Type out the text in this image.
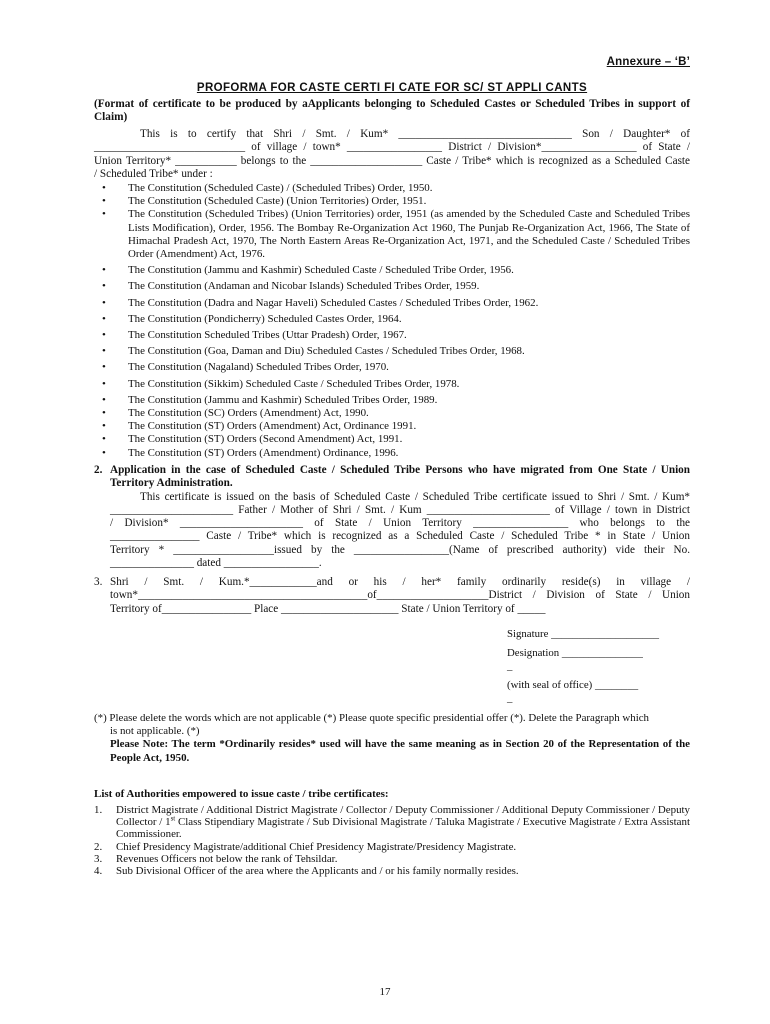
Annexure – ‘B’
PROFORMA FOR CASTE CERTI FI CATE FOR SC/ ST APPLI CANTS
(Format of certificate to be produced by aApplicants belonging to Scheduled Castes or Scheduled Tribes in support of Claim)
This is to certify that Shri / Smt. / Kum* _______________________________ Son / Daughter* of
___________________________ of village / town* _________________ District / Division*_________________ of State /
Union Territory* ___________ belongs to the ____________________ Caste / Tribe* which is recognized as a Scheduled Caste
/ Scheduled Tribe* under :
• The Constitution (Scheduled Caste) / (Scheduled Tribes) Order, 1950.
• The Constitution (Scheduled Caste) (Union Territories) Order, 1951.
• The Constitution (Scheduled Tribes) (Union Territories) order, 1951 (as amended by the Scheduled Caste and Scheduled Tribes Lists Modification), Order, 1956. The Bombay Re-Organization Act 1960, The Punjab Re-Organization Act, 1966, The State of Himachal Pradesh Act, 1970, The North Eastern Areas Re-Organization Act, 1971, and the Scheduled Caste / Scheduled Tribes Order (Amendment) Act, 1976.
• The Constitution (Jammu and Kashmir) Scheduled Caste / Scheduled Tribe Order, 1956.
• The Constitution (Andaman and Nicobar Islands) Scheduled Tribes Order, 1959.
• The Constitution (Dadra and Nagar Haveli) Scheduled Castes / Scheduled Tribes Order, 1962.
• The Constitution (Pondicherry) Scheduled Castes Order, 1964.
• The Constitution Scheduled Tribes (Uttar Pradesh) Order, 1967.
• The Constitution (Goa, Daman and Diu) Scheduled Castes / Scheduled Tribes Order, 1968.
• The Constitution (Nagaland) Scheduled Tribes Order, 1970.
• The Constitution (Sikkim) Scheduled Caste / Scheduled Tribes Order, 1978.
• The Constitution (Jammu and Kashmir) Scheduled Tribes Order, 1989.
• The Constitution (SC) Orders (Amendment) Act, 1990.
• The Constitution (ST) Orders (Amendment) Act, Ordinance 1991.
• The Constitution (ST) Orders (Second Amendment) Act, 1991.
• The Constitution (ST) Orders (Amendment) Ordinance, 1996.
2. Application in the case of Scheduled Caste / Scheduled Tribe Persons who have migrated from One State / Union Territory Administration.
This certificate is issued on the basis of Scheduled Caste / Scheduled Tribe certificate issued to Shri / Smt. / Kum*
______________________ Father / Mother of Shri / Smt. / Kum ______________________ of Village / town in District
/ Division* ______________________ of State / Union Territory _________________ who belongs to the
________________ Caste / Tribe* which is recognized as a Scheduled Caste / Scheduled Tribe * in State / Union
Territory * __________________issued by the _________________(Name of prescribed authority) vide their No.
_______________ dated _________________.
3. Shri / Smt. / Kum.*____________and or his / her* family ordinarily reside(s) in village /
town*_________________________________________of____________________District / Division of State / Union
Territory of________________ Place _____________________ State / Union Territory of _____
Signature ____________________
Designation _______________
_
(with seal of office) ________
_
(*) Please delete the words which are not applicable (*) Please quote specific presidential offer (*). Delete the Paragraph which
is not applicable. (*)
Please Note: The term *Ordinarily resides* used will have the same meaning as in Section 20 of the Representation of the People Act, 1950.
List of Authorities empowered to issue caste / tribe certificates:
1. District Magistrate / Additional District Magistrate / Collector / Deputy Commissioner / Additional Deputy Commissioner / Deputy Collector / 1st Class Stipendiary Magistrate / Sub Divisional Magistrate / Taluka Magistrate / Executive Magistrate / Extra Assistant Commissioner.
2. Chief Presidency Magistrate/additional Chief Presidency Magistrate/Presidency Magistrate.
3. Revenues Officers not below the rank of Tehsildar.
4. Sub Divisional Officer of the area where the Applicants and / or his family normally resides.
17
